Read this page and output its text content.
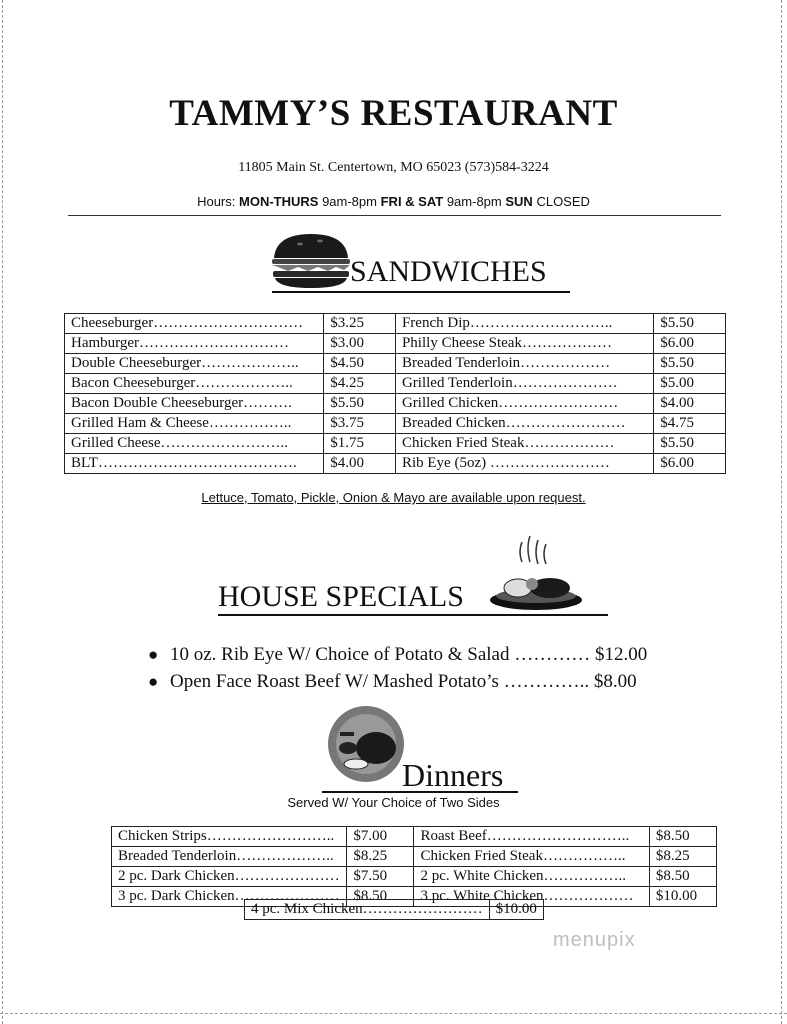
TAMMY’S RESTAURANT
11805 Main St. Centertown, MO 65023 (573)584-3224
Hours: MON-THURS 9am-8pm FRI & SAT 9am-8pm SUN CLOSED
SANDWICHES
Cheeseburger…………………………	$3.25	French Dip………………………..	$5.50
Hamburger…………………………	$3.00	Philly Cheese Steak………………	$6.00
Double Cheeseburger………………..	$4.50	Breaded Tenderloin………………	$5.50
Bacon Cheeseburger………………..	$4.25	Grilled Tenderloin…………………	$5.00
Bacon Double Cheeseburger……….	$5.50	Grilled Chicken……………………	$4.00
Grilled Ham & Cheese……………..	$3.75	Breaded Chicken……………………	$4.75
Grilled Cheese……………………..	$1.75	Chicken Fried Steak………………	$5.50
BLT………………………………….	$4.00	Rib Eye (5oz) ……………………	$6.00
Lettuce, Tomato, Pickle, Onion & Mayo are available upon request.
HOUSE SPECIALS
● 10 oz. Rib Eye W/ Choice of Potato & Salad ………… $12.00
● Open Face Roast Beef W/ Mashed Potato’s ………….. $8.00
Dinners
Served W/ Your Choice of Two Sides
Chicken Strips……………………..	$7.00	Roast Beef………………………..	$8.50
Breaded Tenderloin………………..	$8.25	Chicken Fried Steak……………..	$8.25
2 pc. Dark Chicken…………………	$7.50	2 pc. White Chicken……………..	$8.50
3 pc. Dark Chicken…………………	$8.50	3 pc. White Chicken………………	$10.00
4 pc. Mix Chicken……………………	$10.00
menupix
